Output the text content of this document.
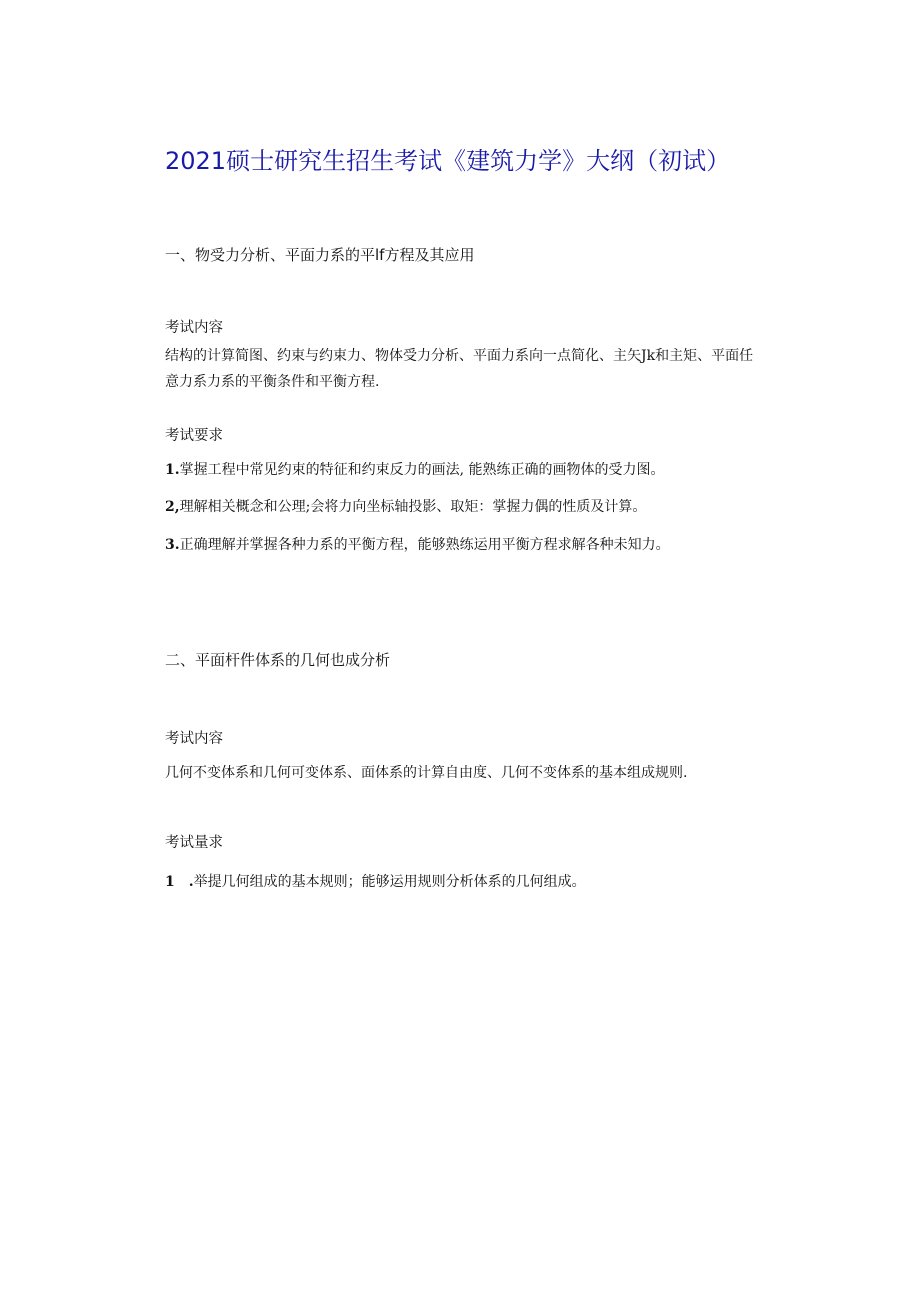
2021硕士研究生招生考试《建筑力学》大纲（初试）
一、物受力分析、平面力系的平lf方程及其应用
考试内容

结构的计算简图、约束与约束力、物体受力分析、平面力系向一点简化、主矢Jk和主矩、平面任意力系力系的平衡条件和平衡方程.

考试要求

1.掌握工程中常见约束的特征和约束反力的画法, 能熟练正确的画物体的受力图。

2,理解相关概念和公理;会将力向坐标轴投影、取矩：掌握力偶的性质及计算。

3.正确理解并掌握各种力系的平衡方程，能够熟练运用平衡方程求解各种未知力。

二、平面杆件体系的几何也成分析
考试内容

几何不变体系和几何可变体系、面体系的计算自由度、几何不变体系的基本组成规则.

考试量求

1　.举提几何组成的基本规则；能够运用规则分析体系的几何组成。
